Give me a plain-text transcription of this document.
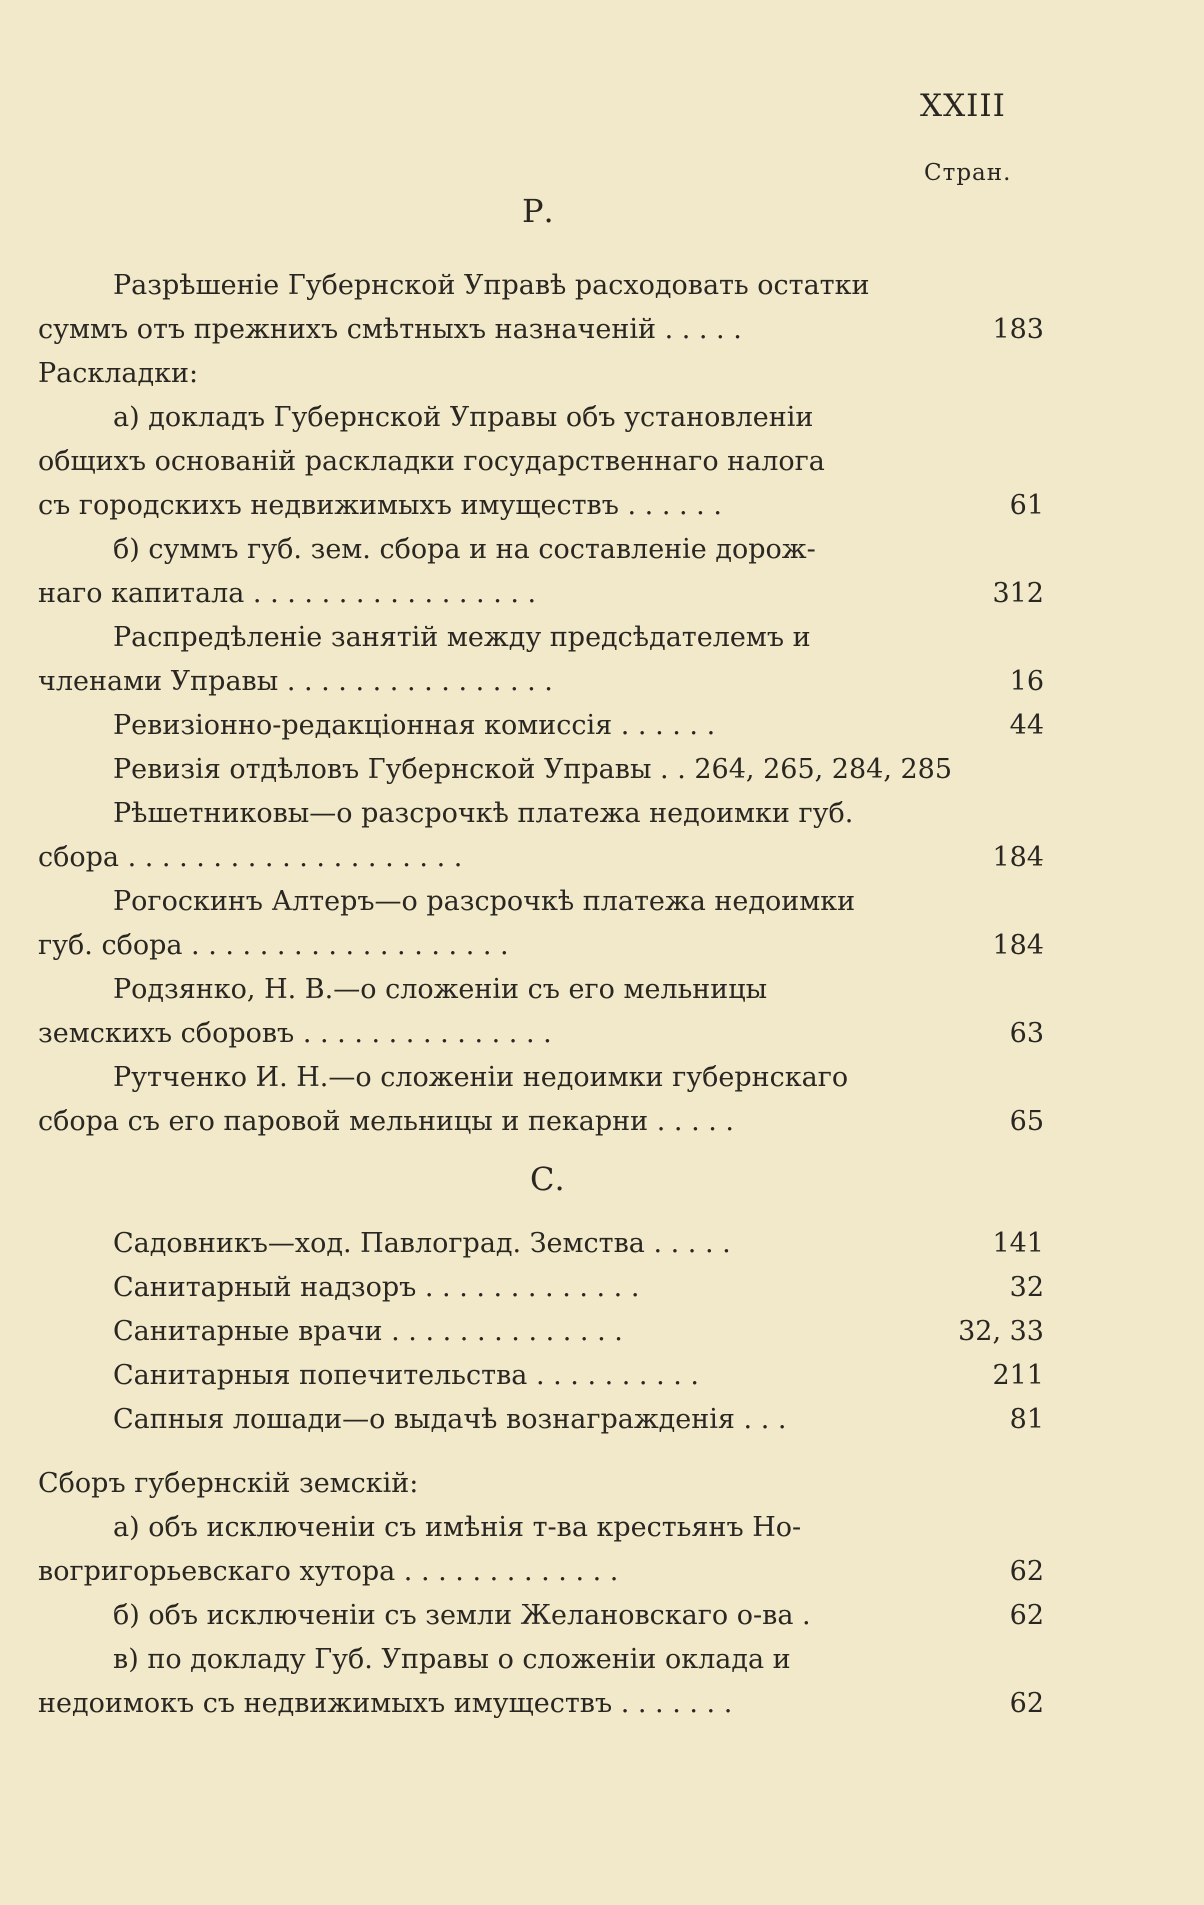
XXIII
Стран.
Р.
Разрѣшеніе Губернской Управѣ расходовать остатки
суммъ отъ прежнихъ смѣтныхъ назначеній . . . . .	183
Раскладки:
а) докладъ Губернской Управы объ установленіи
общихъ основаній раскладки государственнаго налога
съ городскихъ недвижимыхъ имуществъ . . . . . .	61
б) суммъ губ. зем. сбора и на составленіе дорож-
наго капитала . . . . . . . . . . . . . . . . .	312
Распредѣленіе занятій между предсѣдателемъ и
членами Управы . . . . . . . . . . . . . . . .	16
Ревизіонно-редакціонная комиссія . . . . . .	44
Ревизія отдѣловъ Губернской Управы . . 264, 265, 284, 285
Рѣшетниковы—о разсрочкѣ платежа недоимки губ.
сбора . . . . . . . . . . . . . . . . . . . .	184
Рогоскинъ Алтеръ—о разсрочкѣ платежа недоимки
губ. сбора . . . . . . . . . . . . . . . . . . .	184
Родзянко, Н. В.—о сложеніи съ его мельницы
земскихъ сборовъ . . . . . . . . . . . . . . .	63
Рутченко И. Н.—о сложеніи недоимки губернскаго
сбора съ его паровой мельницы и пекарни . . . . .	65
С.
Садовникъ—ход. Павлоград. Земства . . . . .	141
Санитарный надзоръ . . . . . . . . . . . . .	32
Санитарные врачи . . . . . . . . . . . . . .	32, 33
Санитарныя попечительства . . . . . . . . . .	211
Сапныя лошади—о выдачѣ вознагражденія . . .	81
Сборъ губернскій земскій:
а) объ исключеніи съ имѣнія т-ва крестьянъ Но-
вогригорьевскаго хутора . . . . . . . . . . . . .	62
б) объ исключеніи съ земли Желановскаго о-ва .	62
в) по докладу Губ. Управы о сложеніи оклада и
недоимокъ съ недвижимыхъ имуществъ . . . . . . .	62
